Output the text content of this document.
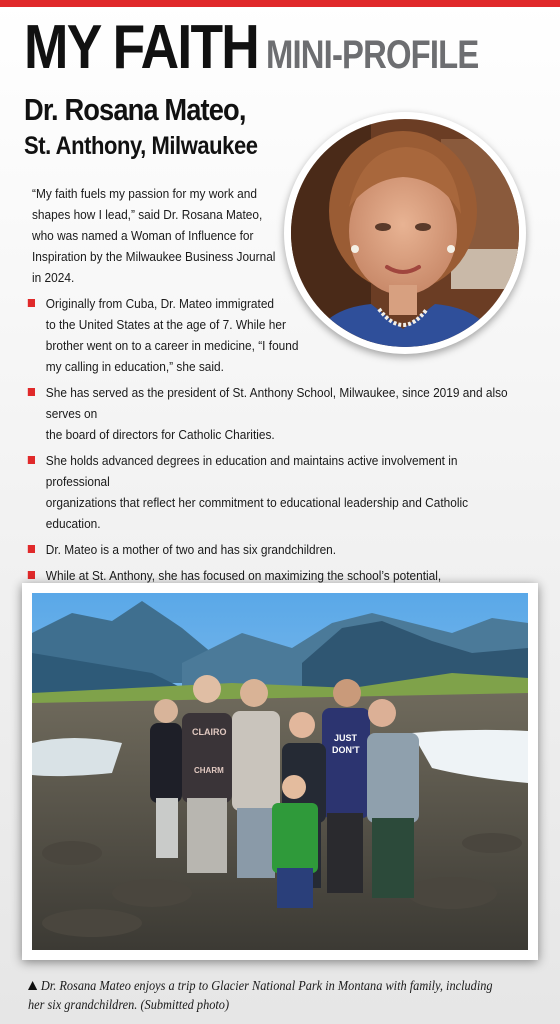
MY FAITH MINI-PROFILE
Dr. Rosana Mateo,
St. Anthony, Milwaukee
“My faith fuels my passion for my work and
shapes how I lead,” said Dr. Rosana Mateo,
who was named a Woman of Influence for
Inspiration by the Milwaukee Business Journal
in 2024.
Originally from Cuba, Dr. Mateo immigrated
to the United States at the age of 7. While her
brother went on to a career in medicine, “I found
my calling in education,” she said.
She has served as the president of St. Anthony School, Milwaukee, since 2019 and also serves on
the board of directors for Catholic Charities.
She holds advanced degrees in education and maintains active involvement in professional
organizations that reflect her commitment to educational leadership and Catholic education.
Dr. Mateo is a mother of two and has six grandchildren.
While at St. Anthony, she has focused on maximizing the school’s potential,
CLAIRO
CHARM
JUST
DON'T
Dr. Rosana Mateo enjoys a trip to Glacier National Park in Montana with family, including
her six grandchildren. (Submitted photo)
